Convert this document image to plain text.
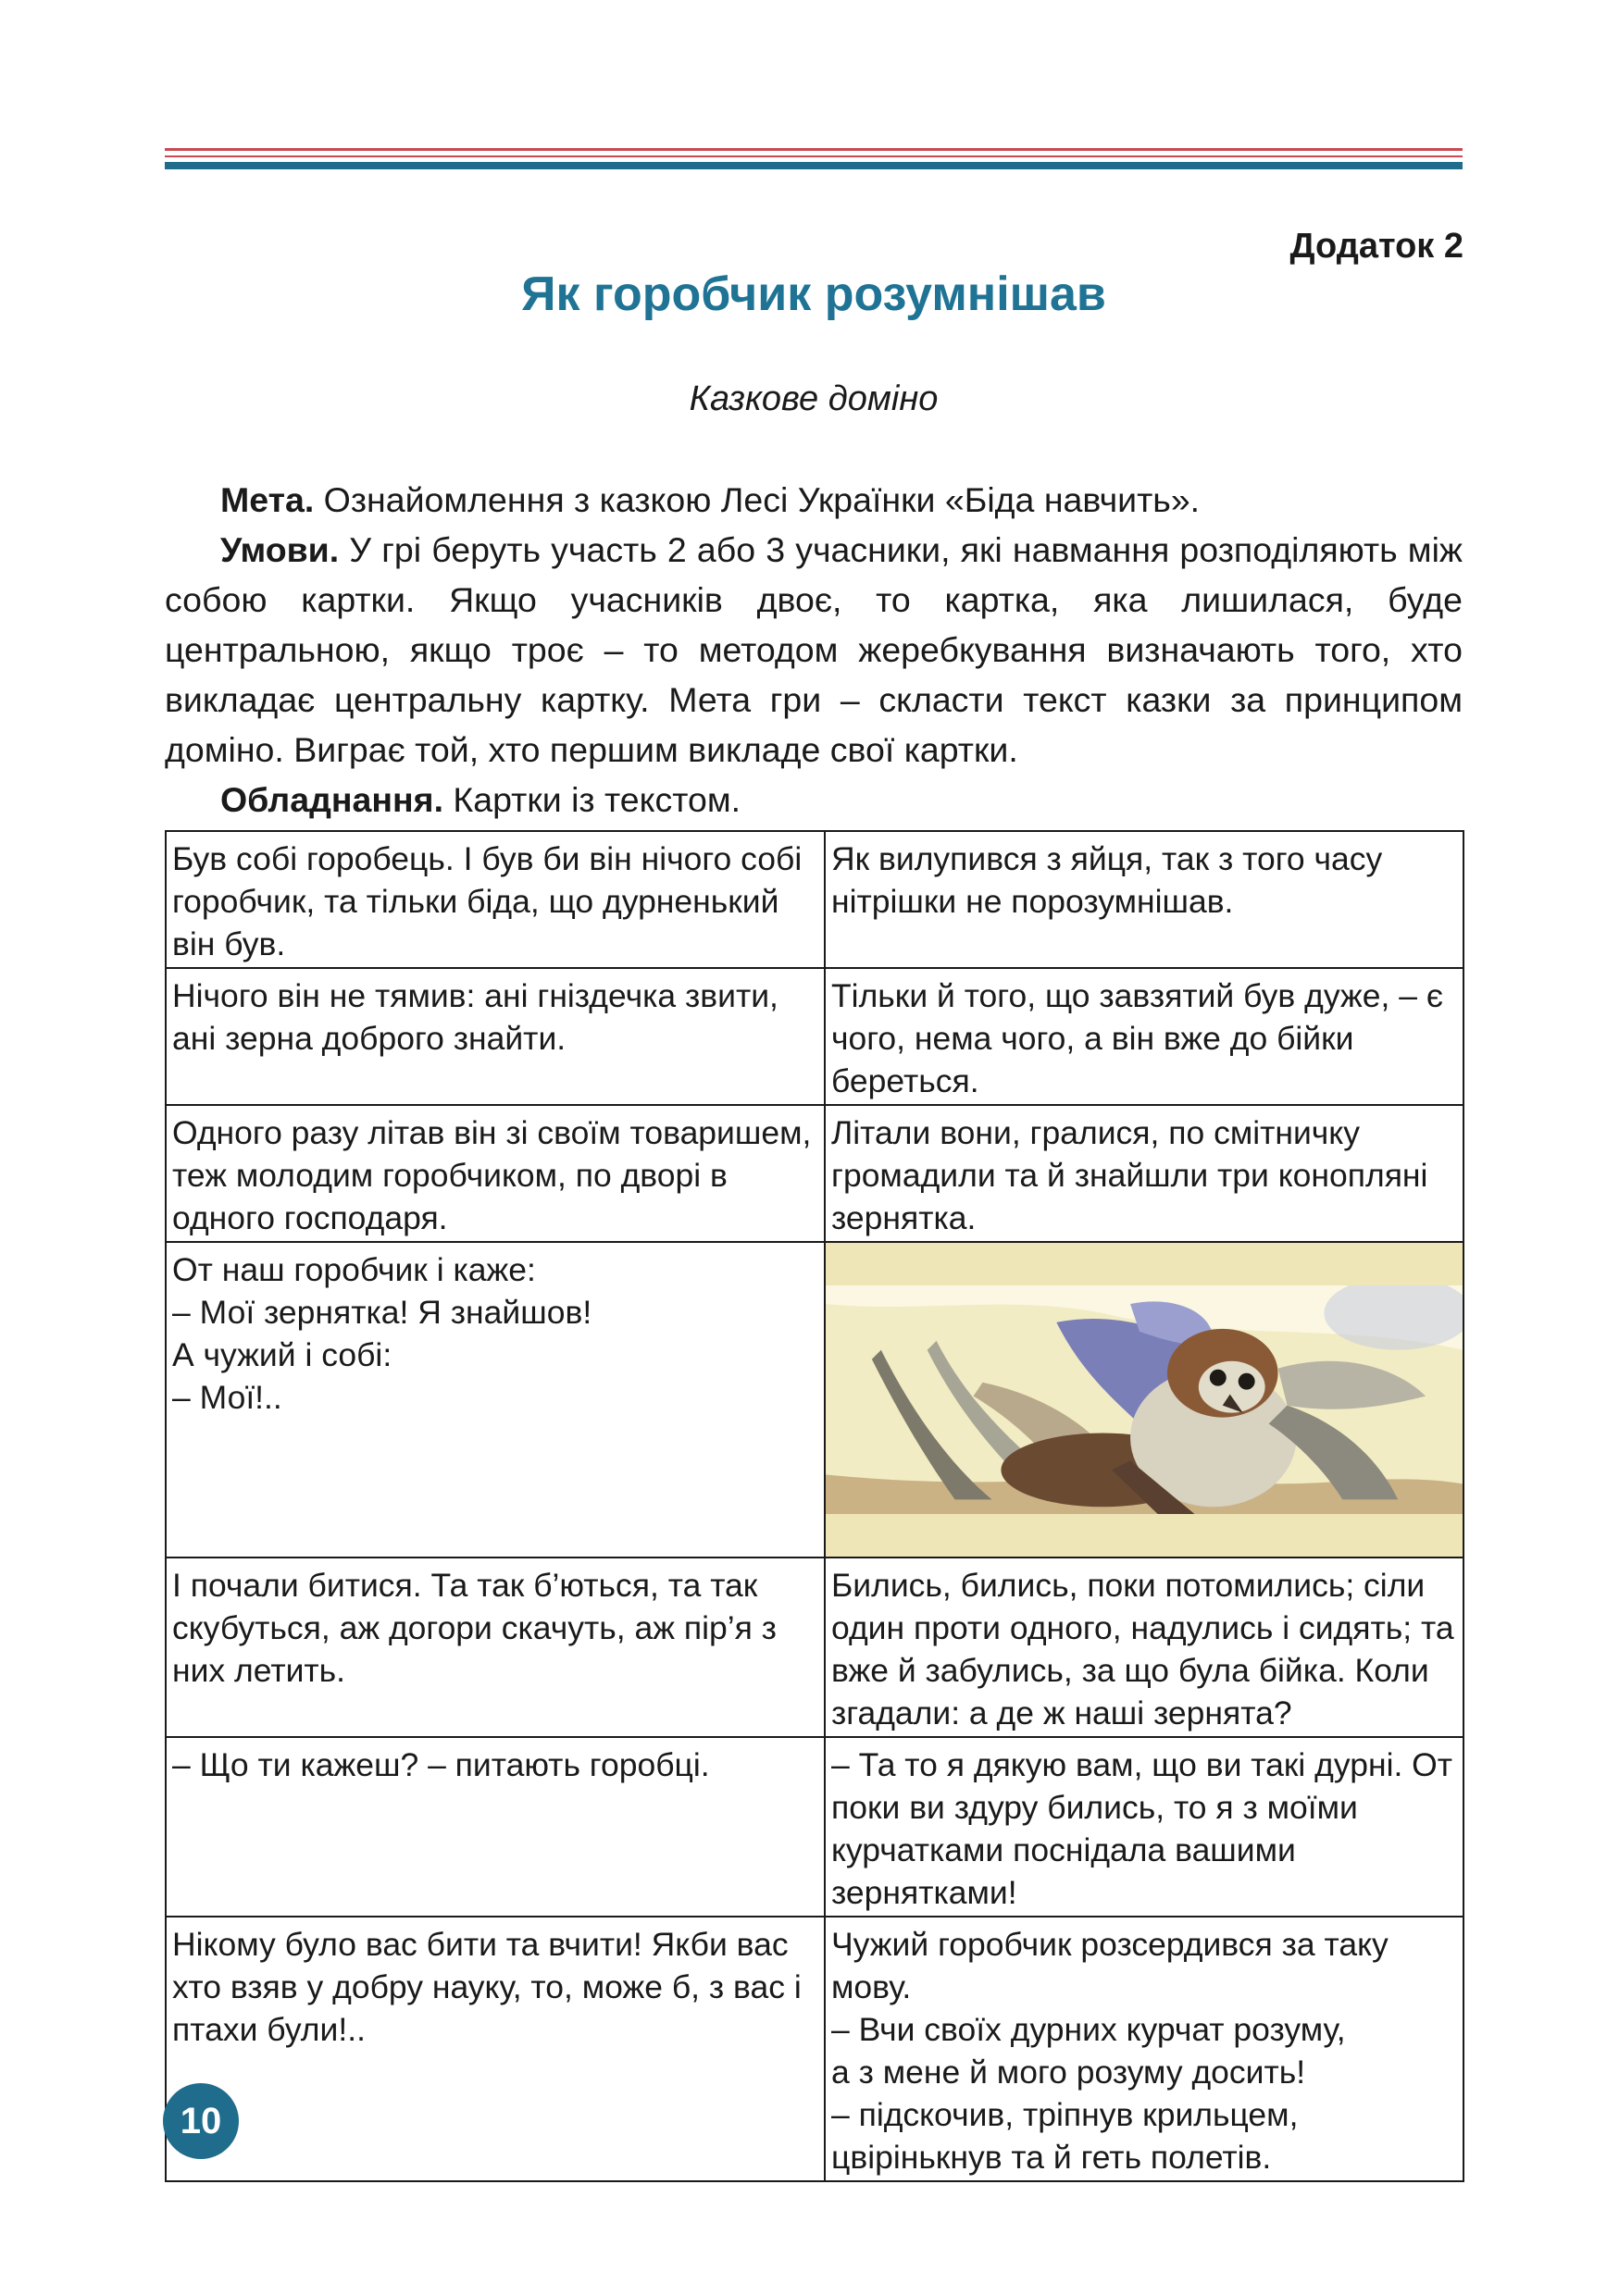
Додаток 2
Як горобчик розумнішав
Казкове доміно

Мета. Ознайомлення з казкою Лесі Українки «Біда навчить».

Умови. У грі беруть участь 2 або 3 учасники, які навмання розподіляють між собою картки. Якщо учасників двоє, то картка, яка лишилася, буде центральною, якщо троє – то методом жеребкування визначають того, хто викладає центральну картку. Мета гри – скласти текст казки за принципом доміно. Виграє той, хто першим викладе свої картки.

Обладнання. Картки із текстом.

Був собі горобець. І був би він нічого собі горобчик, та тільки біда, що дурненький він був.	Як вилупився з яйця, так з того часу нітрішки не порозумнішав.
Нічого він не тямив: ані гніздечка звити, ані зерна доброго знайти.	Тільки й того, що завзятий був дуже, – є чого, нема чого, а він вже до бійки береться.
Одного разу літав він зі своїм товаришем, теж молодим горобчиком, по дворі в одного господаря.	Літали вони, гралися, по смітничку громадили та й знайшли три конопляні зернятка.
От наш горобчик і каже:
– Мої зернятка! Я знайшов!
А чужий і собі:
– Мої!..	

І почали битися. Та так б’ються, та так скубуться, аж догори скачуть, аж пір’я з них летить.	Бились, бились, поки потомились; сіли один проти одного, надулись і сидять; та вже й забулись, за що була бійка. Коли згадали: а де ж наші зернята?
– Що ти кажеш? – питають горобці.	– Та то я дякую вам, що ви такі дурні. От поки ви здуру бились, то я з моїми курчатками поснідала вашими зернятками!
Нікому було вас бити та вчити! Якби вас хто взяв у добру науку, то, може б, з вас і птахи були!..	Чужий горобчик розсердився за таку мову.
– Вчи своїх дурних курчат розуму,
а з мене й мого розуму досить!
– підскочив, тріпнув крильцем,
цвірінькнув та й геть полетів.
10
